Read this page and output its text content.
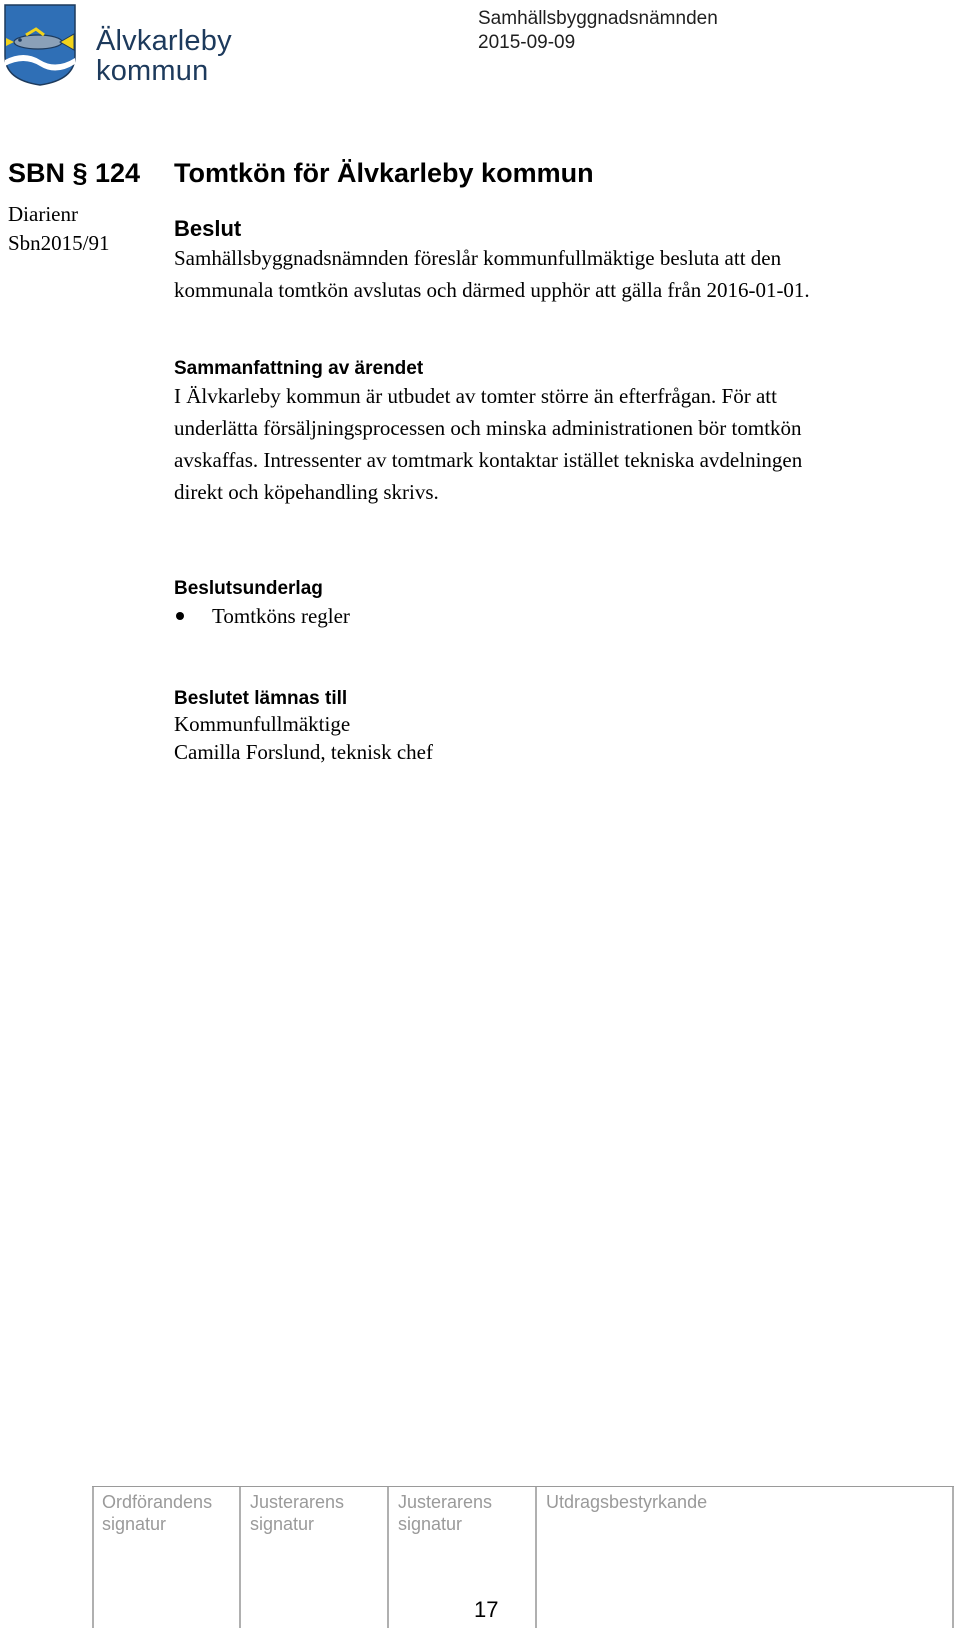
Älvkarleby
kommun
Samhällsbyggnadsnämnden
2015-09-09
SBN § 124 Tomtkön för Älvkarleby kommun
Diarienr
Sbn2015/91
Beslut

Samhällsbyggnadsnämnden föreslår kommunfullmäktige besluta att den

kommunala tomtkön avslutas och därmed upphör att gälla från 2016-01-01.

Sammanfattning av ärendet

I Älvkarleby kommun är utbudet av tomter större än efterfrågan. För att

underlätta försäljningsprocessen och minska administrationen bör tomtkön

avskaffas. Intressenter av tomtmark kontaktar istället tekniska avdelningen

direkt och köpehandling skrivs.

Beslutsunderlag
Tomtköns regler
Beslutet lämnas till

Kommunfullmäktige

Camilla Forslund, teknisk chef

Ordförandens
signatur
Justerarens
signatur
Justerarens
signatur
Utdragsbestyrkande
17
